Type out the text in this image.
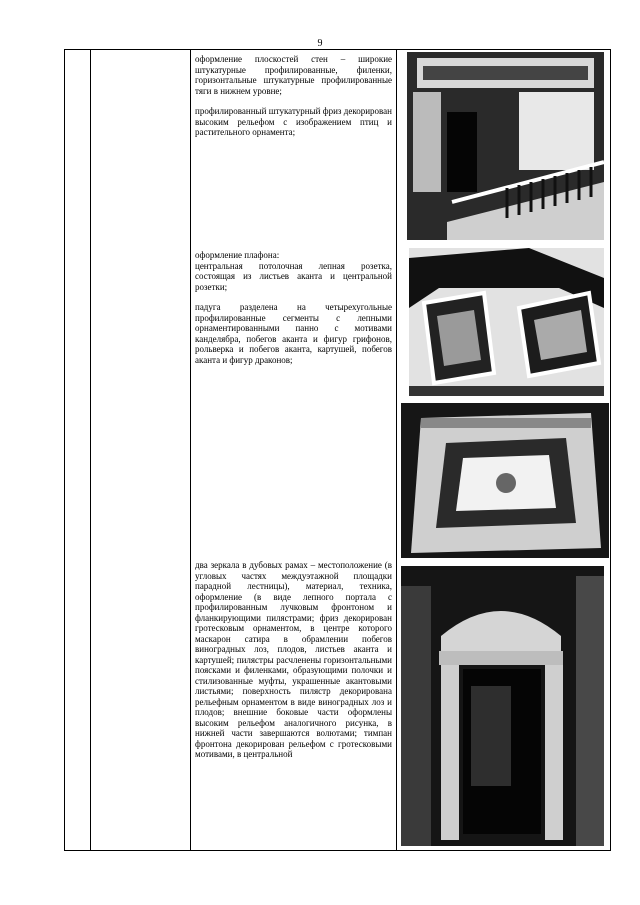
9

оформление плоскостей стен – широкие штукатурные профилированные, филенки, горизонтальные штукатурные профилированные тяги в нижнем уровне;

профилированный штукатурный фриз декорирован высоким рельефом с изображением птиц и растительного орнамента;

оформление плафона:

центральная потолочная лепная розетка, состоящая из листьев аканта и центральной розетки;

падуга разделена на четырехугольные профилированные сегменты с лепными орнаментированными панно с мотивами канделябра, побегов аканта и фигур грифонов, рольверка и побегов аканта, картушей, побегов аканта и фигур драконов;

два зеркала в дубовых рамах – местоположение (в угловых частях междуэтажной площадки парадной лестницы), материал, техника, оформление (в виде лепного портала с профилированным лучковым фронтоном и фланкирующими пилястрами; фриз декорирован гротесковым орнаментом, в центре которого маскарон сатира в обрамлении побегов виноградных лоз, плодов, листьев аканта и картушей; пилястры расчленены горизонтальными поясками и филенками, образующими полочки и стилизованные муфты, украшенные акантовыми листьями; поверхность пилястр декорирована рельефным орнаментом в виде виноградных лоз и плодов; внешние боковые части оформлены высоким рельефом аналогичного рисунка, в нижней части завершаются волютами; тимпан фронтона декорирован рельефом с гротесковыми мотивами, в центральной
